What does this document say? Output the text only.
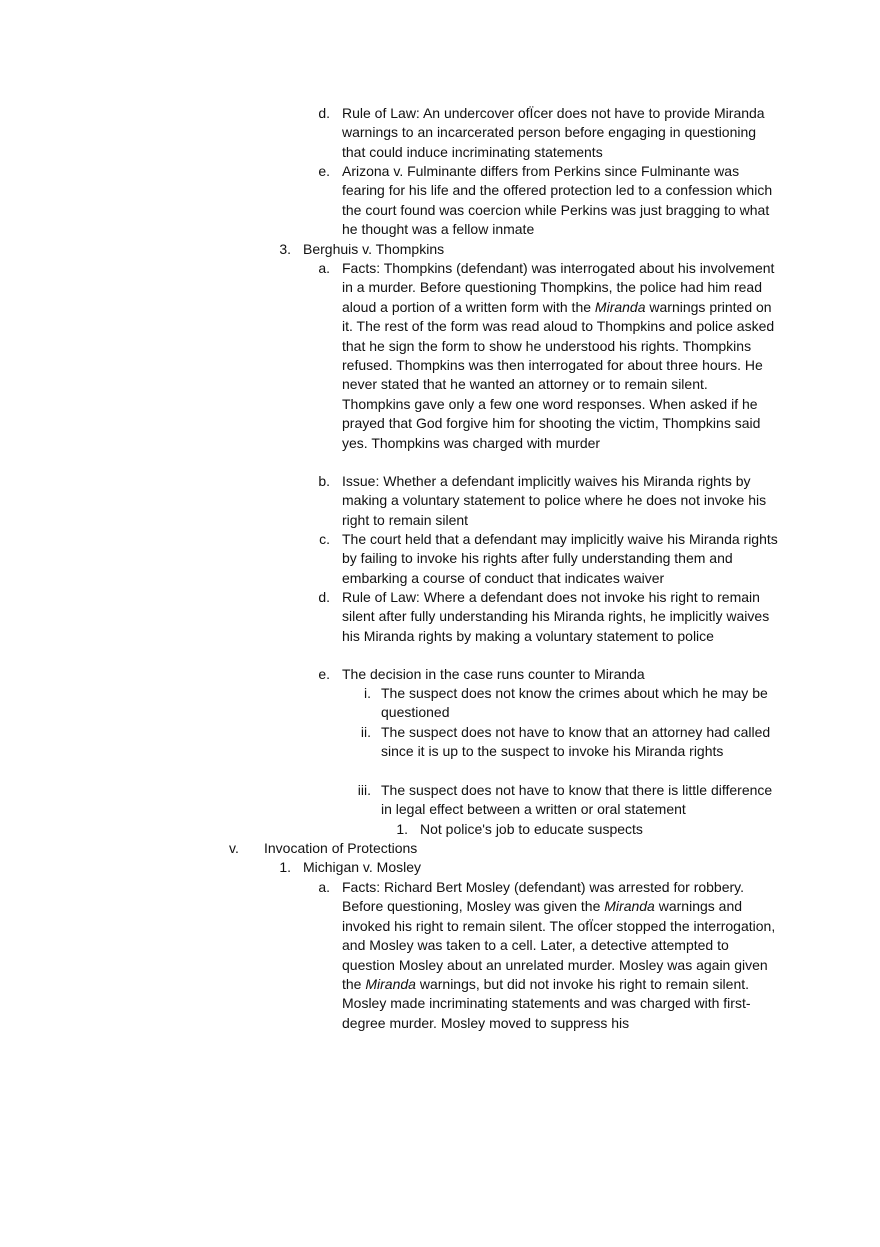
d. Rule of Law: An undercover ofÏcer does not have to provide Miranda warnings to an incarcerated person before engaging in questioning that could induce incriminating statements
e. Arizona v. Fulminante differs from Perkins since Fulminante was fearing for his life and the offered protection led to a confession which the court found was coercion while Perkins was just bragging to what he thought was a fellow inmate
3. Berghuis v. Thompkins
a. Facts: Thompkins (defendant) was interrogated about his involvement in a murder. Before questioning Thompkins, the police had him read aloud a portion of a written form with the Miranda warnings printed on it. The rest of the form was read aloud to Thompkins and police asked that he sign the form to show he understood his rights. Thompkins refused. Thompkins was then interrogated for about three hours. He never stated that he wanted an attorney or to remain silent. Thompkins gave only a few one word responses. When asked if he prayed that God forgive him for shooting the victim, Thompkins said yes. Thompkins was charged with murder
b. Issue: Whether a defendant implicitly waives his Miranda rights by making a voluntary statement to police where he does not invoke his right to remain silent
c. The court held that a defendant may implicitly waive his Miranda rights by failing to invoke his rights after fully understanding them and embarking a course of conduct that indicates waiver
d. Rule of Law: Where a defendant does not invoke his right to remain silent after fully understanding his Miranda rights, he implicitly waives his Miranda rights by making a voluntary statement to police
e. The decision in the case runs counter to Miranda
i. The suspect does not know the crimes about which he may be questioned
ii. The suspect does not have to know that an attorney had called since it is up to the suspect to invoke his Miranda rights
iii. The suspect does not have to know that there is little difference in legal effect between a written or oral statement
1. Not police's job to educate suspects
v. Invocation of Protections
1. Michigan v. Mosley
a. Facts: Richard Bert Mosley (defendant) was arrested for robbery. Before questioning, Mosley was given the Miranda warnings and invoked his right to remain silent. The ofÏcer stopped the interrogation, and Mosley was taken to a cell. Later, a detective attempted to question Mosley about an unrelated murder. Mosley was again given the Miranda warnings, but did not invoke his right to remain silent. Mosley made incriminating statements and was charged with first-degree murder. Mosley moved to suppress his
